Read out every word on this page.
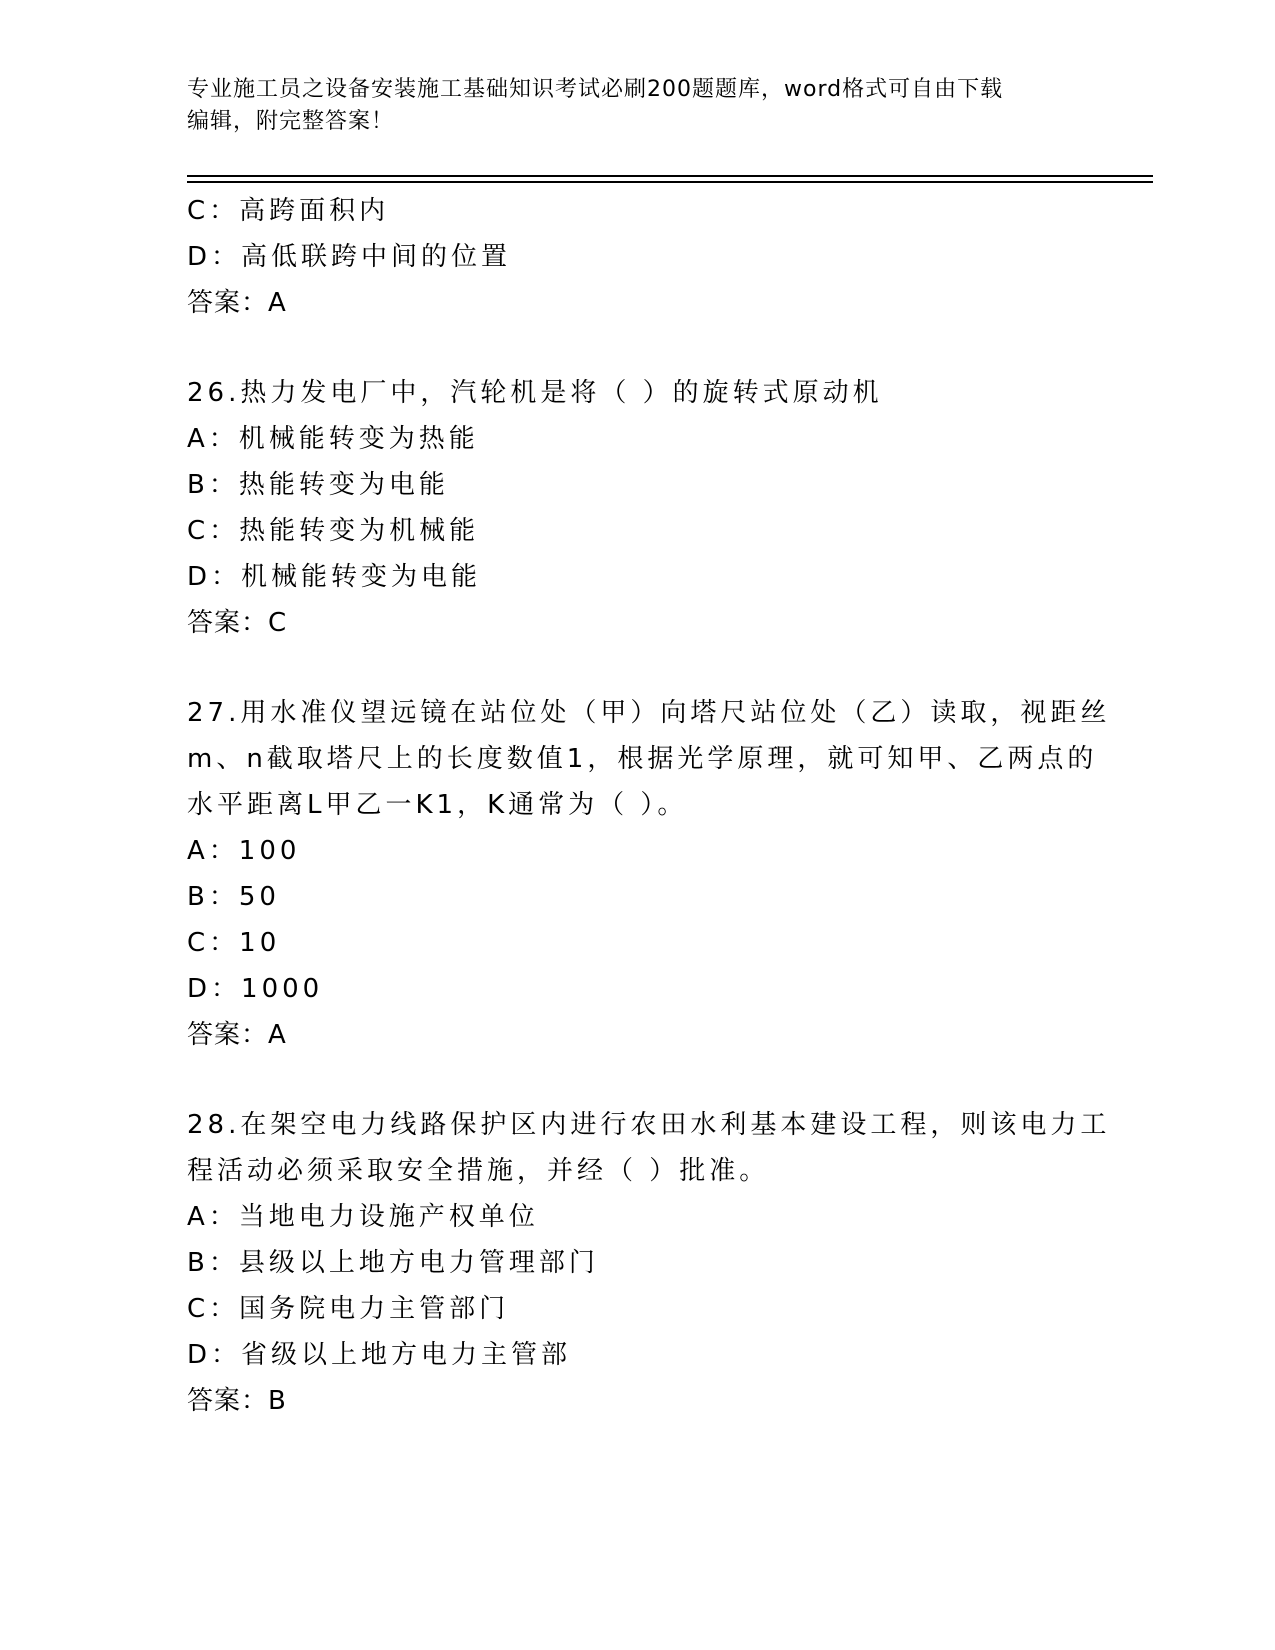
专业施工员之设备安装施工基础知识考试必刷200题题库，word格式可自由下载
编辑，附完整答案！
C：高跨面积内
D：高低联跨中间的位置
答案：A
26.热力发电厂中，汽轮机是将（ ）的旋转式原动机
A：机械能转变为热能
B：热能转变为电能
C：热能转变为机械能
D：机械能转变为电能
答案：C
27.用水准仪望远镜在站位处（甲）向塔尺站位处（乙）读取，视距丝
m、n截取塔尺上的长度数值1，根据光学原理，就可知甲、乙两点的
水平距离L甲乙一K1，K通常为（ ）。
A：100
B：50
C：10
D：1000
答案：A
28.在架空电力线路保护区内进行农田水利基本建设工程，则该电力工
程活动必须采取安全措施，并经（ ）批准。
A：当地电力设施产权单位
B：县级以上地方电力管理部门
C：国务院电力主管部门
D：省级以上地方电力主管部
答案：B
